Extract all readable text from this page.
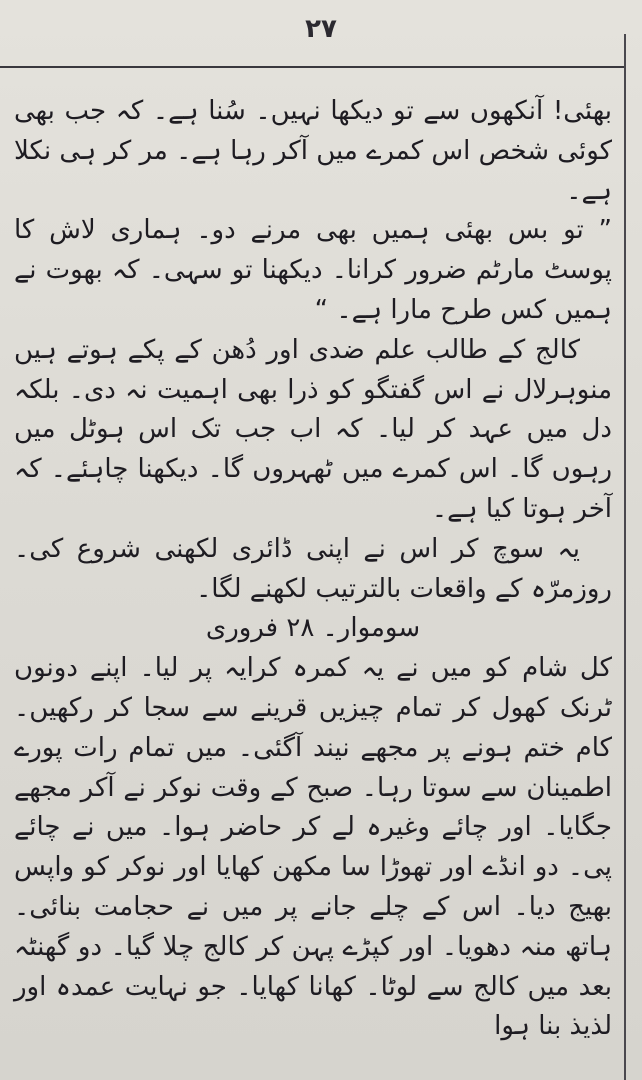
۲۷

بھئی! آنکھوں سے تو دیکھا نہیں۔ سُنا ہے۔ کہ جب بھی کوئی شخص اس کمرے میں آکر رہا ہے۔ مر کر ہی نکلا ہے۔

” تو بس بھئی ہمیں بھی مرنے دو۔ ہماری لاش کا پوسٹ مارٹم ضرور کرانا۔ دیکھنا تو سہی۔ کہ بھوت نے ہمیں کس طرح مارا ہے۔ “

کالج کے طالب علم ضدی اور دُھن کے پکے ہوتے ہیں منوہرلال نے اس گفتگو کو ذرا بھی اہمیت نہ دی۔ بلکہ دل میں عہد کر لیا۔ کہ اب جب تک اس ہوٹل میں رہوں گا۔ اس کمرے میں ٹھہروں گا۔ دیکھنا چاہئے۔ کہ آخر ہوتا کیا ہے۔

یہ سوچ کر اس نے اپنی ڈائری لکھنی شروع کی۔ روزمرّہ کے واقعات بالترتیب لکھنے لگا۔

سوموار۔ ۲۸ فروری

کل شام کو میں نے یہ کمرہ کرایہ پر لیا۔ اپنے دونوں ٹرنک کھول کر تمام چیزیں قرینے سے سجا کر رکھیں۔ کام ختم ہونے پر مجھے نیند آگئی۔ میں تمام رات پورے اطمینان سے سوتا رہا۔ صبح کے وقت نوکر نے آکر مجھے جگایا۔ اور چائے وغیرہ لے کر حاضر ہوا۔ میں نے چائے پی۔ دو انڈے اور تھوڑا سا مکھن کھایا اور نوکر کو واپس بھیج دیا۔ اس کے چلے جانے پر میں نے حجامت بنائی۔ ہاتھ منہ دھویا۔ اور کپڑے پہن کر کالج چلا گیا۔ دو گھنٹہ بعد میں کالج سے لوٹا۔ کھانا کھایا۔ جو نہایت عمدہ اور لذیذ بنا ہوا
